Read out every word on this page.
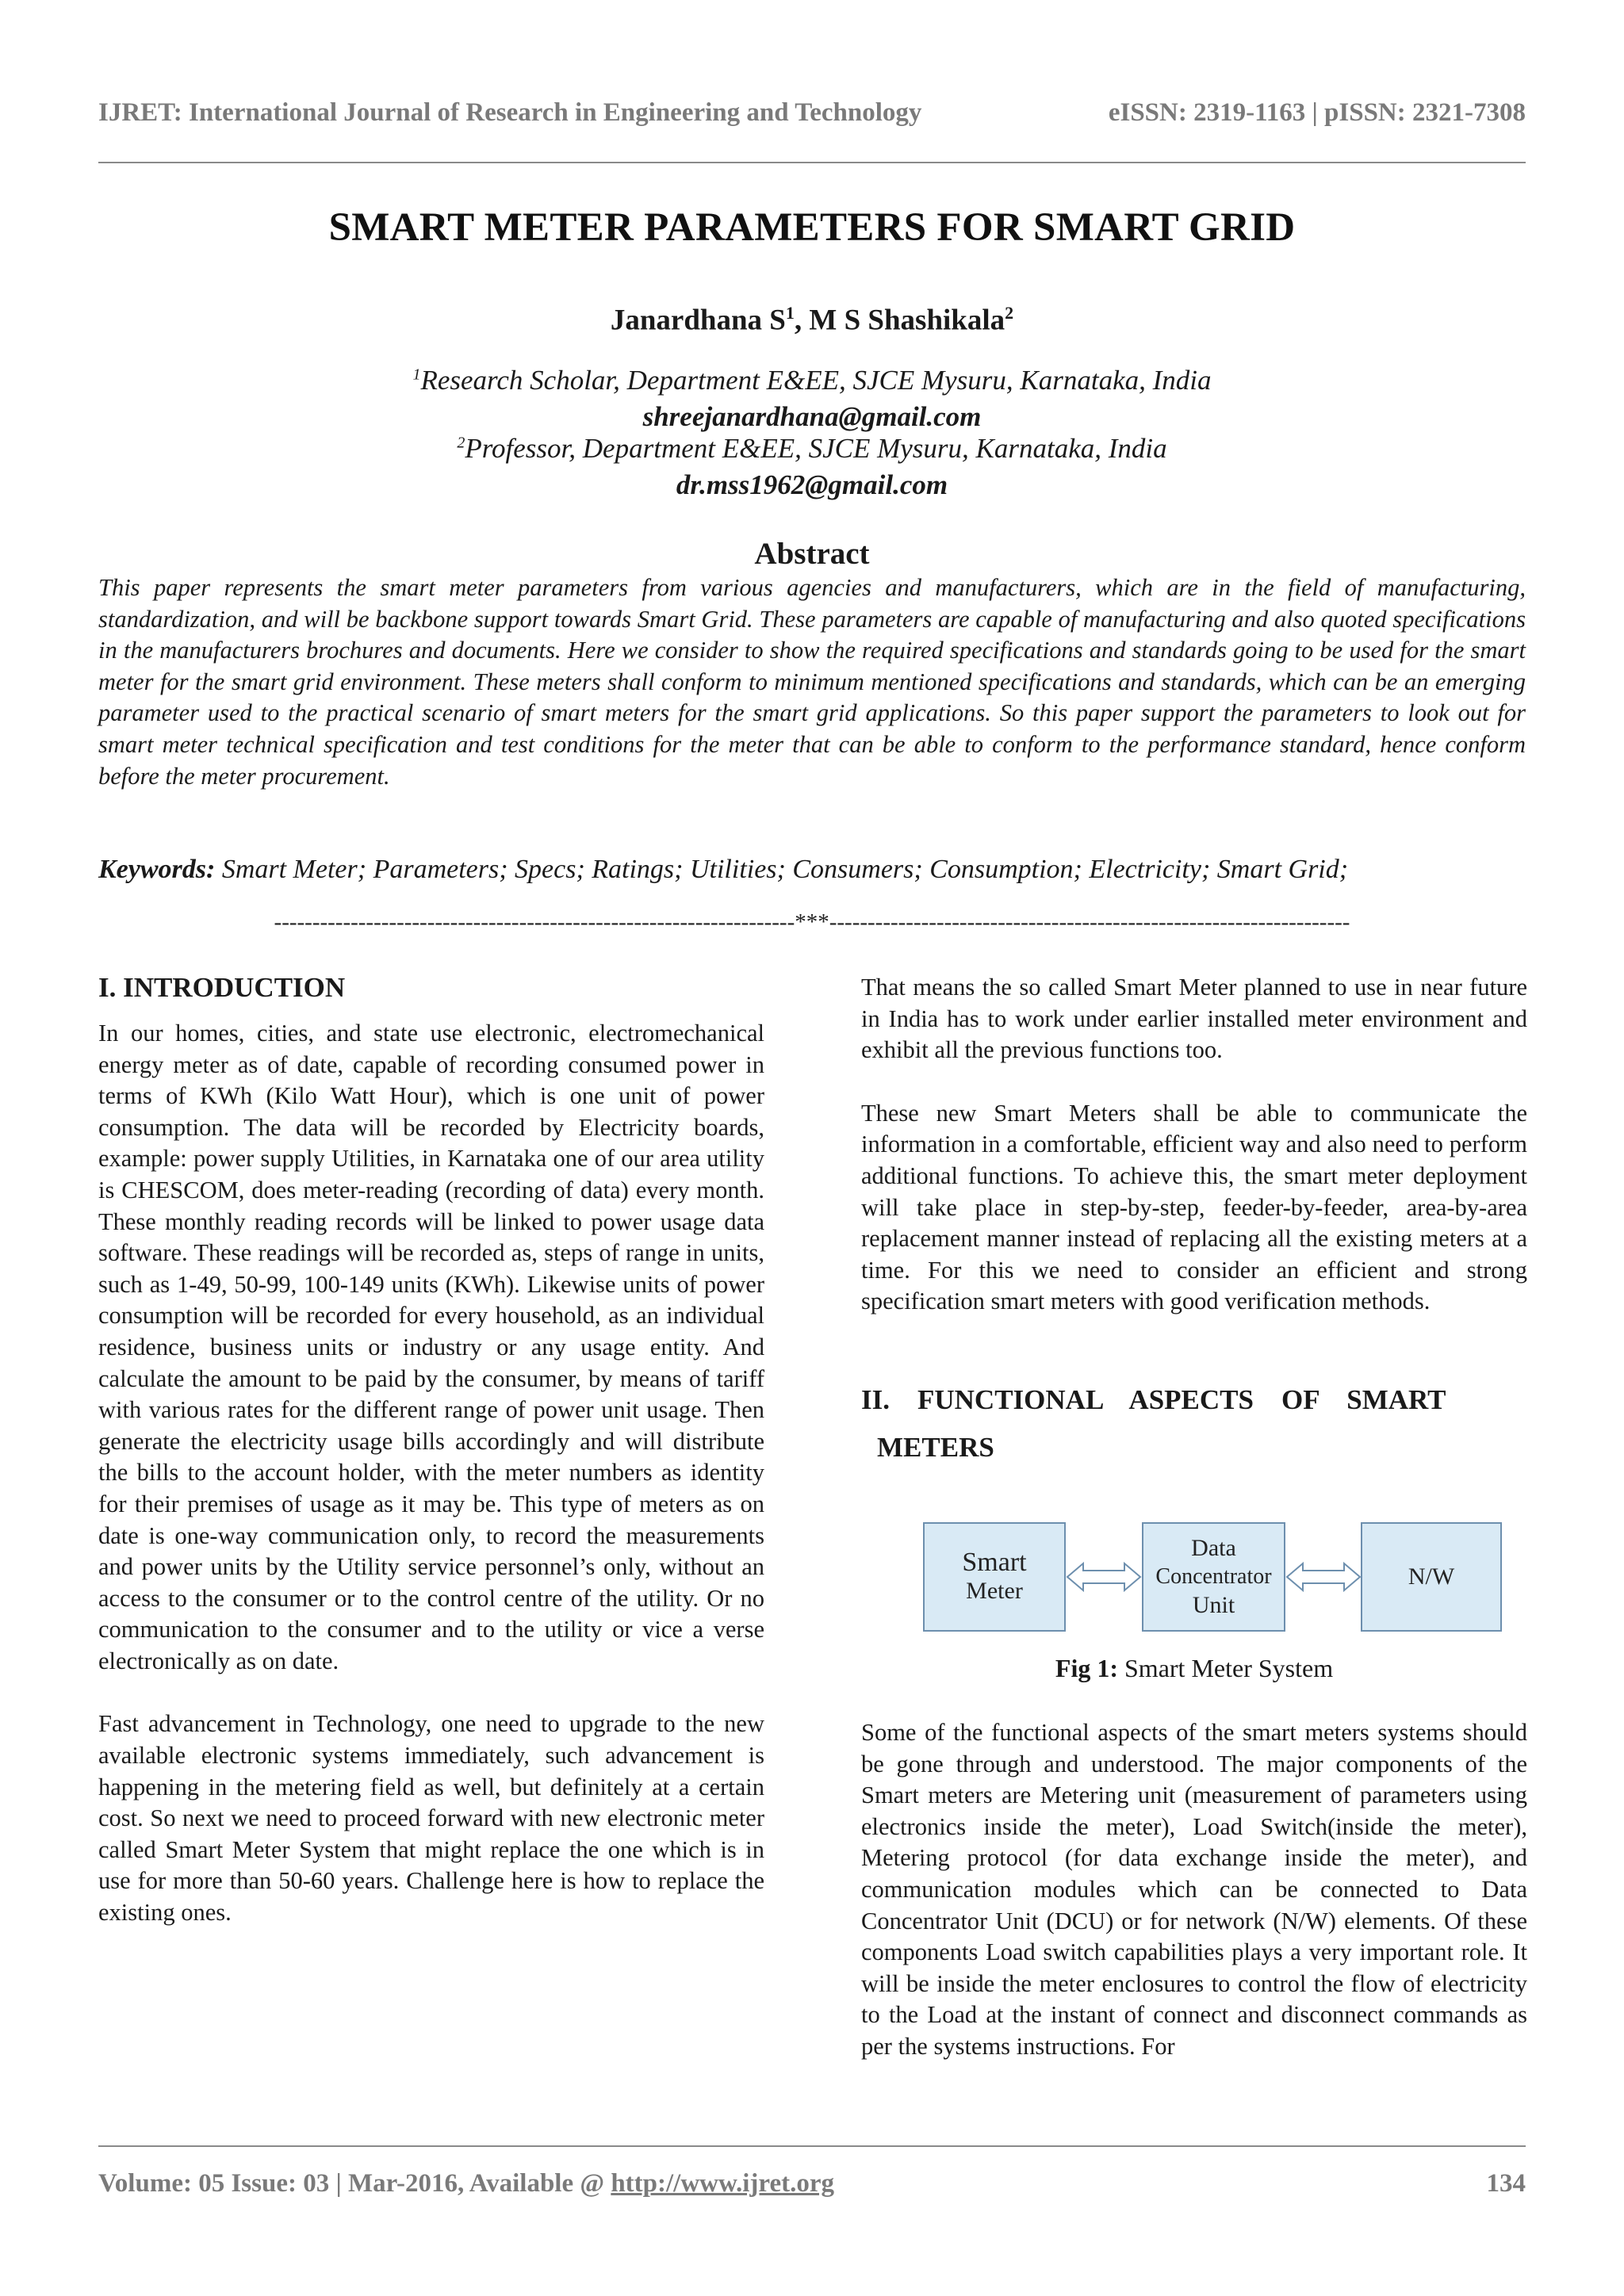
IJRET: International Journal of Research in Engineering and Technology	eISSN: 2319-1163 | pISSN: 2321-7308
SMART METER PARAMETERS FOR SMART GRID
Janardhana $S^1$, M S Shashikala$^2$
$^1$Research Scholar, Department E&EE, SJCE Mysuru, Karnataka, India
shreejanardhana@gmail.com
$^2$Professor, Department E&EE, SJCE Mysuru, Karnataka, India
dr.mss1962@gmail.com
Abstract
This paper represents the smart meter parameters from various agencies and manufacturers, which are in the field of manufacturing, standardization, and will be backbone support towards Smart Grid. These parameters are capable of manufacturing and also quoted specifications in the manufacturers brochures and documents. Here we consider to show the required specifications and standards going to be used for the smart meter for the smart grid environment. These meters shall conform to minimum mentioned specifications and standards, which can be an emerging parameter used to the practical scenario of smart meters for the smart grid applications. So this paper support the parameters to look out for smart meter technical specification and test conditions for the meter that can be able to conform to the performance standard, hence conform before the meter procurement.
Keywords: Smart Meter; Parameters; Specs; Ratings; Utilities; Consumers; Consumption; Electricity; Smart Grid;
--------------------------------------------------------------------***--------------------------------------------------------------------
I. INTRODUCTION
In our homes, cities, and state use electronic, electromechanical energy meter as of date, capable of recording consumed power in terms of KWh (Kilo Watt Hour), which is one unit of power consumption. The data will be recorded by Electricity boards, example: power supply Utilities, in Karnataka one of our area utility is CHESCOM, does meter-reading (recording of data) every month. These monthly reading records will be linked to power usage data software. These readings will be recorded as, steps of range in units, such as 1-49, 50-99, 100-149 units (KWh). Likewise units of power consumption will be recorded for every household, as an individual residence, business units or industry or any usage entity. And calculate the amount to be paid by the consumer, by means of tariff with various rates for the different range of power unit usage. Then generate the electricity usage bills accordingly and will distribute the bills to the account holder, with the meter numbers as identity for their premises of usage as it may be. This type of meters as on date is one-way communication only, to record the measurements and power units by the Utility service personnel’s only, without an access to the consumer or to the control centre of the utility. Or no communication to the consumer and to the utility or vice a verse electronically as on date.
Fast advancement in Technology, one need to upgrade to the new available electronic systems immediately, such advancement is happening in the metering field as well, but definitely at a certain cost. So next we need to proceed forward with new electronic meter called Smart Meter System that might replace the one which is in use for more than 50-60 years. Challenge here is how to replace the existing ones.
That means the so called Smart Meter planned to use in near future in India has to work under earlier installed meter environment and exhibit all the previous functions too.
These new Smart Meters shall be able to communicate the information in a comfortable, efficient way and also need to perform additional functions. To achieve this, the smart meter deployment will take place in step-by-step, feeder-by-feeder, area-by-area replacement manner instead of replacing all the existing meters at a time. For this we need to consider an efficient and strong specification smart meters with good verification methods.
II.    FUNCTIONAL    ASPECTS    OF    SMART
METERS
Smart
Meter
Data
Concentrator
Unit
N/W
Fig 1: Smart Meter System
Some of the functional aspects of the smart meters systems should be gone through and understood. The major components of the Smart meters are Metering unit (measurement of parameters using electronics inside the meter), Load Switch(inside the meter), Metering protocol (for data exchange inside the meter), and communication modules which can be connected to Data Concentrator Unit (DCU) or for network (N/W) elements. Of these components Load switch capabilities plays a very important role. It will be inside the meter enclosures to control the flow of electricity to the Load at the instant of connect and disconnect commands as per the systems instructions. For
Volume: 05 Issue: 03 | Mar-2016, Available @ http://www.ijret.org	134
